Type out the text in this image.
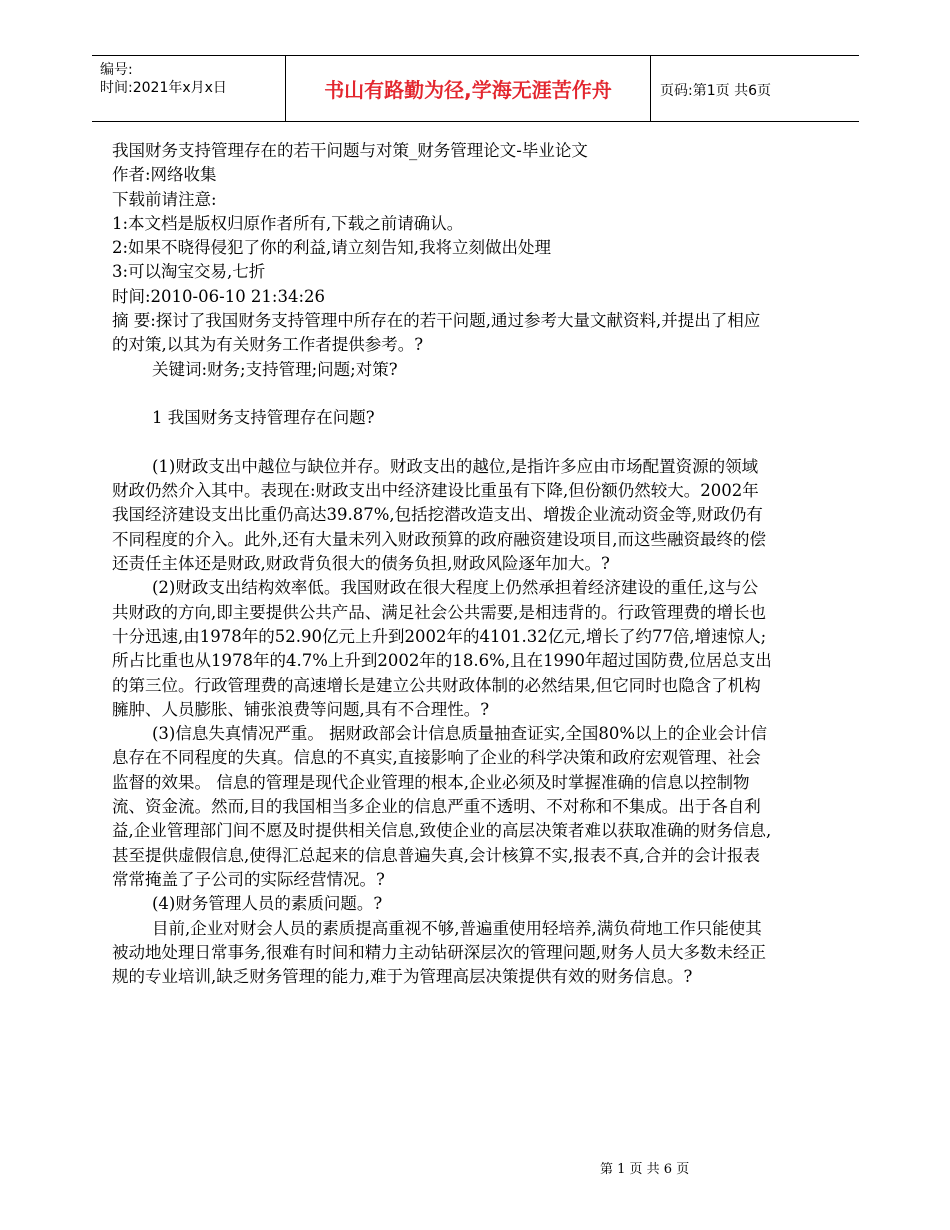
编号:
时间:2021年x月x日	书山有路勤为径,学海无涯苦作舟	页码:第1页 共6页

我国财务支持管理存在的若干问题与对策_财务管理论文-毕业论文

作者:网络收集

下载前请注意:

1:本文档是版权归原作者所有,下载之前请确认。

2:如果不晓得侵犯了你的利益,请立刻告知,我将立刻做出处理

3:可以淘宝交易,七折

时间:2010-06-10 21:34:26

摘 要:探讨了我国财务支持管理中所存在的若干问题,通过参考大量文献资料,并提出了相应的对策,以其为有关财务工作者提供参考。?

关键词:财务;支持管理;问题;对策?

1 我国财务支持管理存在问题?

(1)财政支出中越位与缺位并存。财政支出的越位,是指许多应由市场配置资源的领域财政仍然介入其中。表现在:财政支出中经济建设比重虽有下降,但份额仍然较大。2002年我国经济建设支出比重仍高达39.87%,包括挖潜改造支出、增拨企业流动资金等,财政仍有不同程度的介入。此外,还有大量未列入财政预算的政府融资建设项目,而这些融资最终的偿还责任主体还是财政,财政背负很大的债务负担,财政风险逐年加大。?

(2)财政支出结构效率低。我国财政在很大程度上仍然承担着经济建设的重任,这与公共财政的方向,即主要提供公共产品、满足社会公共需要,是相违背的。行政管理费的增长也十分迅速,由1978年的52.90亿元上升到2002年的4101.32亿元,增长了约77倍,增速惊人;所占比重也从1978年的4.7%上升到2002年的18.6%,且在1990年超过国防费,位居总支出的第三位。行政管理费的高速增长是建立公共财政体制的必然结果,但它同时也隐含了机构臃肿、人员膨胀、铺张浪费等问题,具有不合理性。?

(3)信息失真情况严重。 据财政部会计信息质量抽查证实,全国80%以上的企业会计信息存在不同程度的失真。信息的不真实,直接影响了企业的科学决策和政府宏观管理、社会监督的效果。 信息的管理是现代企业管理的根本,企业必须及时掌握准确的信息以控制物流、资金流。然而,目的我国相当多企业的信息严重不透明、不对称和不集成。出于各自利益,企业管理部门间不愿及时提供相关信息,致使企业的高层决策者难以获取准确的财务信息,甚至提供虚假信息,使得汇总起来的信息普遍失真,会计核算不实,报表不真,合并的会计报表常常掩盖了子公司的实际经营情况。?

(4)财务管理人员的素质问题。?

目前,企业对财会人员的素质提高重视不够,普遍重使用轻培养,满负荷地工作只能使其被动地处理日常事务,很难有时间和精力主动钻研深层次的管理问题,财务人员大多数未经正规的专业培训,缺乏财务管理的能力,难于为管理高层决策提供有效的财务信息。?

第 1 页 共 6 页
